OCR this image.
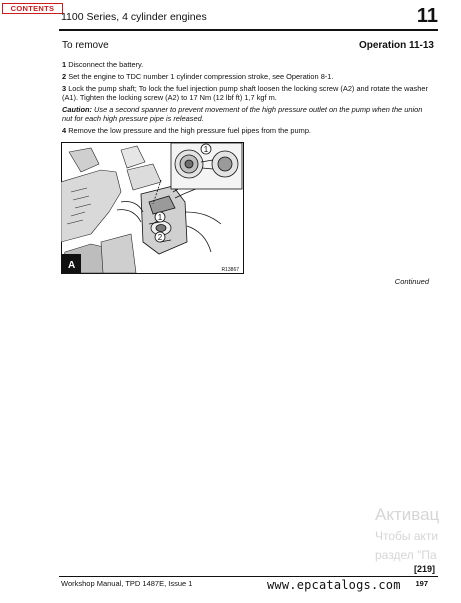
CONTENTS
1100 Series, 4 cylinder engines	11
To remove	Operation 11-13

1 Disconnect the battery.

2 Set the engine to TDC number 1 cylinder compression stroke, see Operation 8-1.

3 Lock the pump shaft; To lock the fuel injection pump shaft loosen the locking screw (A2) and rotate the washer (A1). Tighten the locking screw (A2) to 17 Nm (12 lbf ft) 1,7 kgf m.

Caution: Use a second spanner to prevent movement of the high pressure outlet on the pump when the union nut for each high pressure pipe is released.

4 Remove the low pressure and the high pressure fuel pipes from the pump.

1
1
2
A	R13867
Continued
Активац
Чтобы акти
раздел "Па
[219]
Workshop Manual, TPD 1487E, Issue 1	www.epcatalogs.com 197
